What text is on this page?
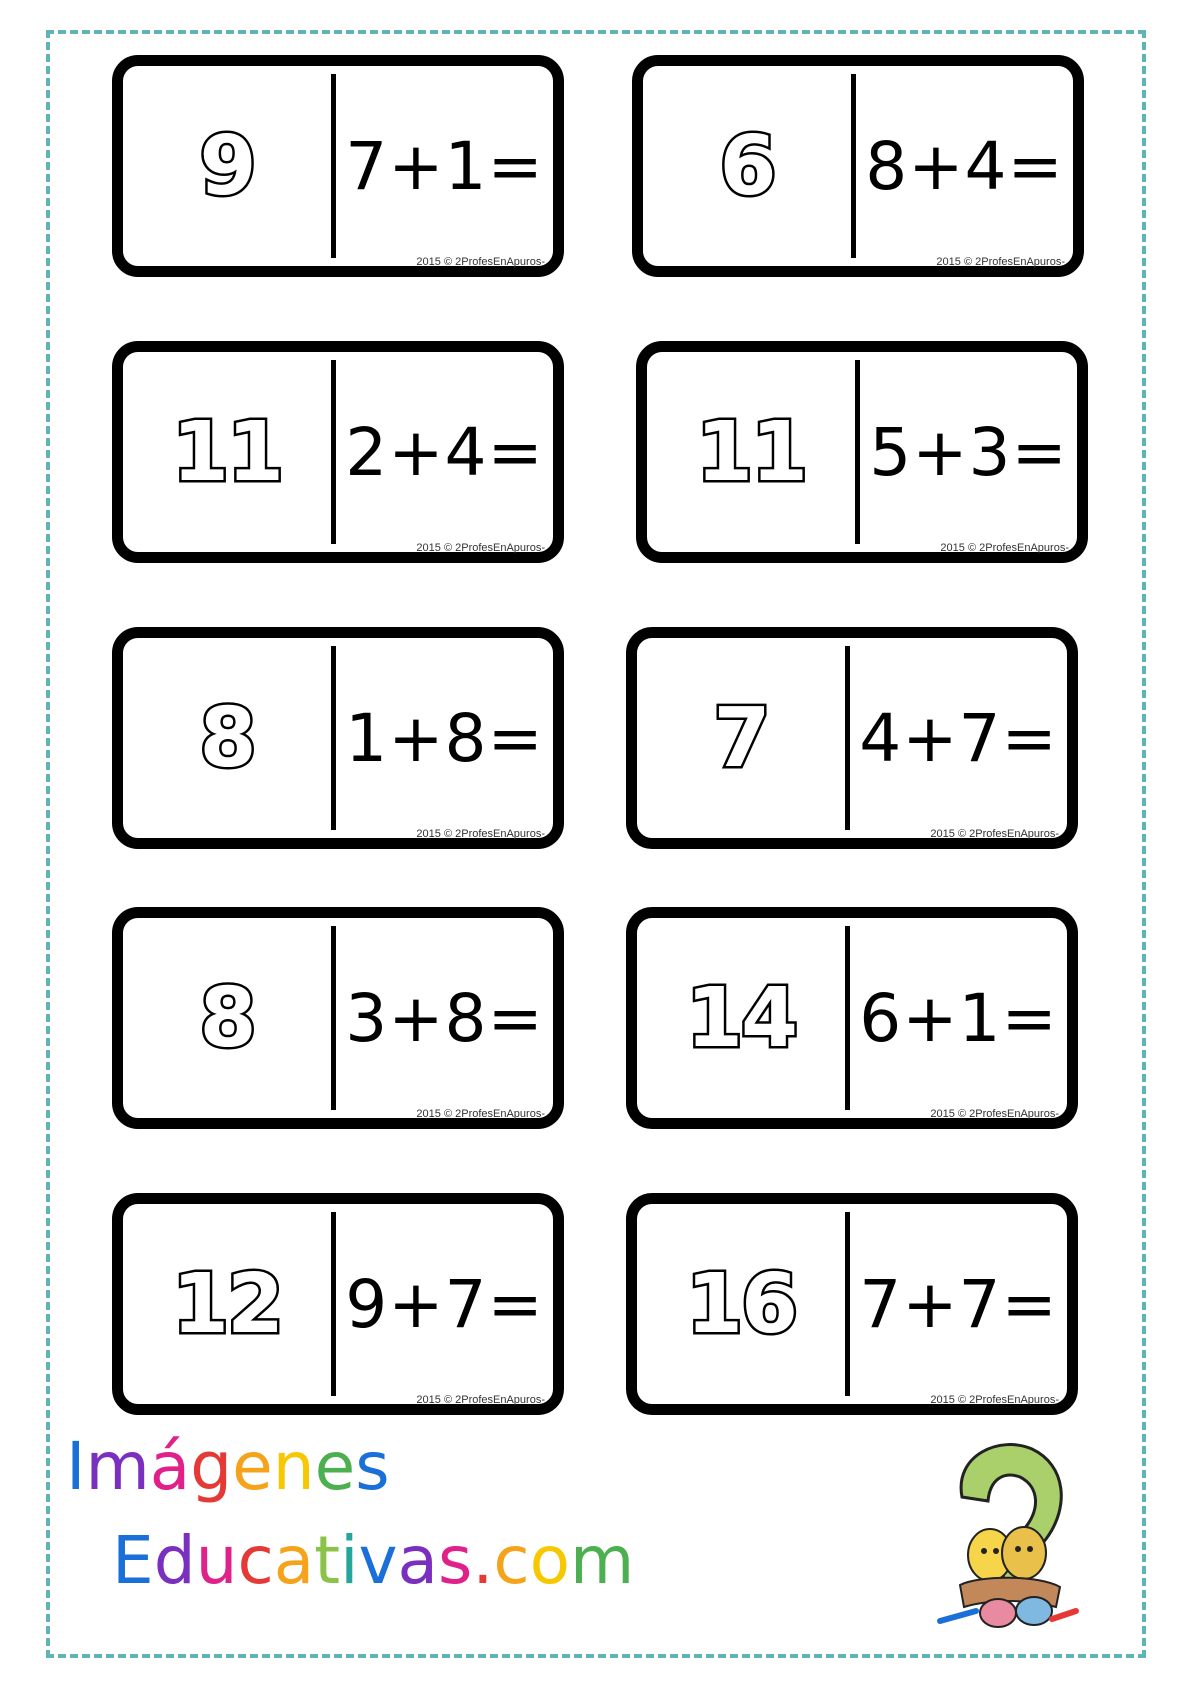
9	7+1=
2015 © 2ProfesEnApuros-
6	8+4=
2015 © 2ProfesEnApuros-
11 2+4=
2015 © 2ProfesEnApuros-
11 5+3=
2015 © 2ProfesEnApuros-
8	1+8=
2015 © 2ProfesEnApuros-
7	4+7=
2015 © 2ProfesEnApuros-
8	3+8=
2015 © 2ProfesEnApuros-
14 6+1=
2015 © 2ProfesEnApuros-
12 9+7=
2015 © 2ProfesEnApuros-
16 7+7=
2015 © 2ProfesEnApuros-
Imágenes
Educativas.com
